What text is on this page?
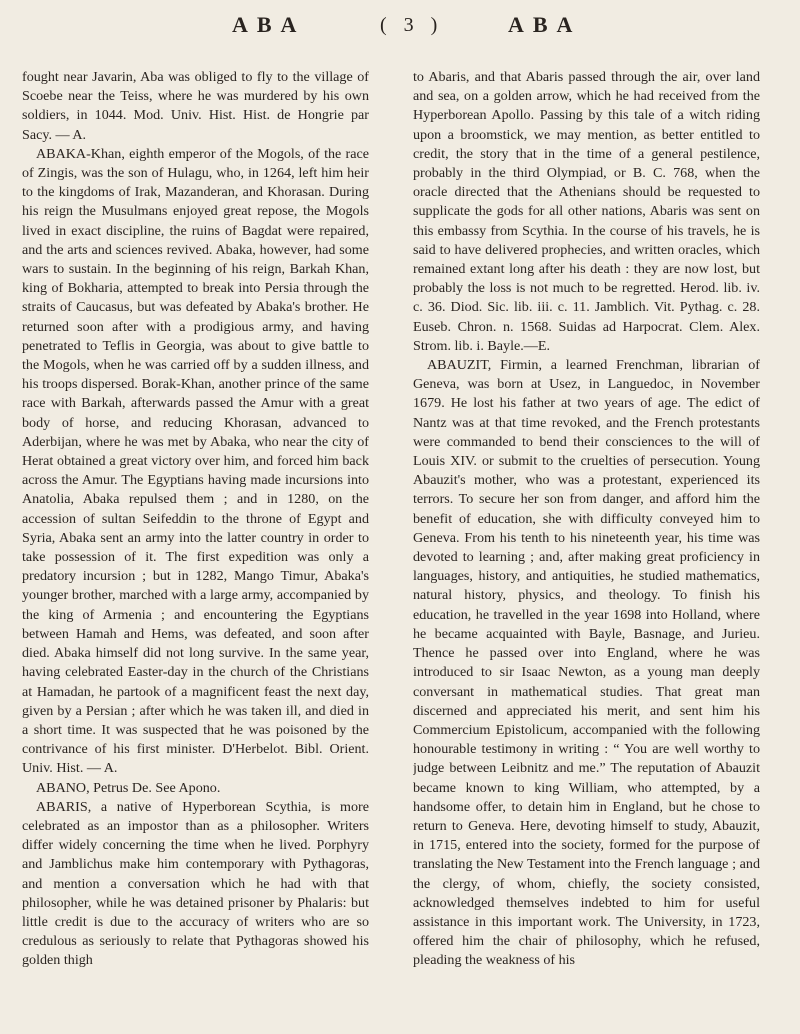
ABA	( 3 )	ABA

fought near Javarin, Aba was obliged to fly to the village of Scoebe near the Teiss, where he was murdered by his own soldiers, in 1044. Mod. Univ. Hist. Hist. de Hongrie par Sacy. — A.

ABAKA-Khan, eighth emperor of the Mogols, of the race of Zingis, was the son of Hulagu, who, in 1264, left him heir to the kingdoms of Irak, Mazanderan, and Khorasan. During his reign the Musulmans enjoyed great repose, the Mogols lived in exact discipline, the ruins of Bagdat were repaired, and the arts and sciences revived. Abaka, however, had some wars to sustain. In the beginning of his reign, Barkah Khan, king of Bokharia, attempted to break into Persia through the straits of Caucasus, but was defeated by Abaka's brother. He returned soon after with a prodigious army, and having penetrated to Teflis in Georgia, was about to give battle to the Mogols, when he was carried off by a sudden illness, and his troops dispersed. Borak-Khan, another prince of the same race with Barkah, afterwards passed the Amur with a great body of horse, and reducing Khorasan, advanced to Aderbijan, where he was met by Abaka, who near the city of Herat obtained a great victory over him, and forced him back across the Amur. The Egyptians having made incursions into Anatolia, Abaka repulsed them ; and in 1280, on the accession of sultan Seifeddin to the throne of Egypt and Syria, Abaka sent an army into the latter country in order to take possession of it. The first expedition was only a predatory incursion ; but in 1282, Mango Timur, Abaka's younger brother, marched with a large army, accompanied by the king of Armenia ; and encountering the Egyptians between Hamah and Hems, was defeated, and soon after died. Abaka himself did not long survive. In the same year, having celebrated Easter-day in the church of the Christians at Hamadan, he partook of a magnificent feast the next day, given by a Persian ; after which he was taken ill, and died in a short time. It was suspected that he was poisoned by the contrivance of his first minister. D'Herbelot. Bibl. Orient. Univ. Hist. — A.

ABANO, Petrus De. See Apono.

ABARIS, a native of Hyperborean Scythia, is more celebrated as an impostor than as a philosopher. Writers differ widely concerning the time when he lived. Porphyry and Jamblichus make him contemporary with Pythagoras, and mention a conversation which he had with that philosopher, while he was detained prisoner by Phalaris: but little credit is due to the accuracy of writers who are so credulous as seriously to relate that Pythagoras showed his golden thigh

to Abaris, and that Abaris passed through the air, over land and sea, on a golden arrow, which he had received from the Hyperborean Apollo. Passing by this tale of a witch riding upon a broomstick, we may mention, as better entitled to credit, the story that in the time of a general pestilence, probably in the third Olympiad, or B. C. 768, when the oracle directed that the Athenians should be requested to supplicate the gods for all other nations, Abaris was sent on this embassy from Scythia. In the course of his travels, he is said to have delivered prophecies, and written oracles, which remained extant long after his death : they are now lost, but probably the loss is not much to be regretted. Herod. lib. iv. c. 36. Diod. Sic. lib. iii. c. 11. Jamblich. Vit. Pythag. c. 28. Euseb. Chron. n. 1568. Suidas ad Harpocrat. Clem. Alex. Strom. lib. i. Bayle.—E.

ABAUZIT, Firmin, a learned Frenchman, librarian of Geneva, was born at Usez, in Languedoc, in November 1679. He lost his father at two years of age. The edict of Nantz was at that time revoked, and the French protestants were commanded to bend their consciences to the will of Louis XIV. or submit to the cruelties of persecution. Young Abauzit's mother, who was a protestant, experienced its terrors. To secure her son from danger, and afford him the benefit of education, she with difficulty conveyed him to Geneva. From his tenth to his nineteenth year, his time was devoted to learning ; and, after making great proficiency in languages, history, and antiquities, he studied mathematics, natural history, physics, and theology. To finish his education, he travelled in the year 1698 into Holland, where he became acquainted with Bayle, Basnage, and Jurieu. Thence he passed over into England, where he was introduced to sir Isaac Newton, as a young man deeply conversant in mathematical studies. That great man discerned and appreciated his merit, and sent him his Commercium Epistolicum, accompanied with the following honourable testimony in writing : “ You are well worthy to judge between Leibnitz and me.” The reputation of Abauzit became known to king William, who attempted, by a handsome offer, to detain him in England, but he chose to return to Geneva. Here, devoting himself to study, Abauzit, in 1715, entered into the society, formed for the purpose of translating the New Testament into the French language ; and the clergy, of whom, chiefly, the society consisted, acknowledged themselves indebted to him for useful assistance in this important work. The University, in 1723, offered him the chair of philosophy, which he refused, pleading the weakness of his
